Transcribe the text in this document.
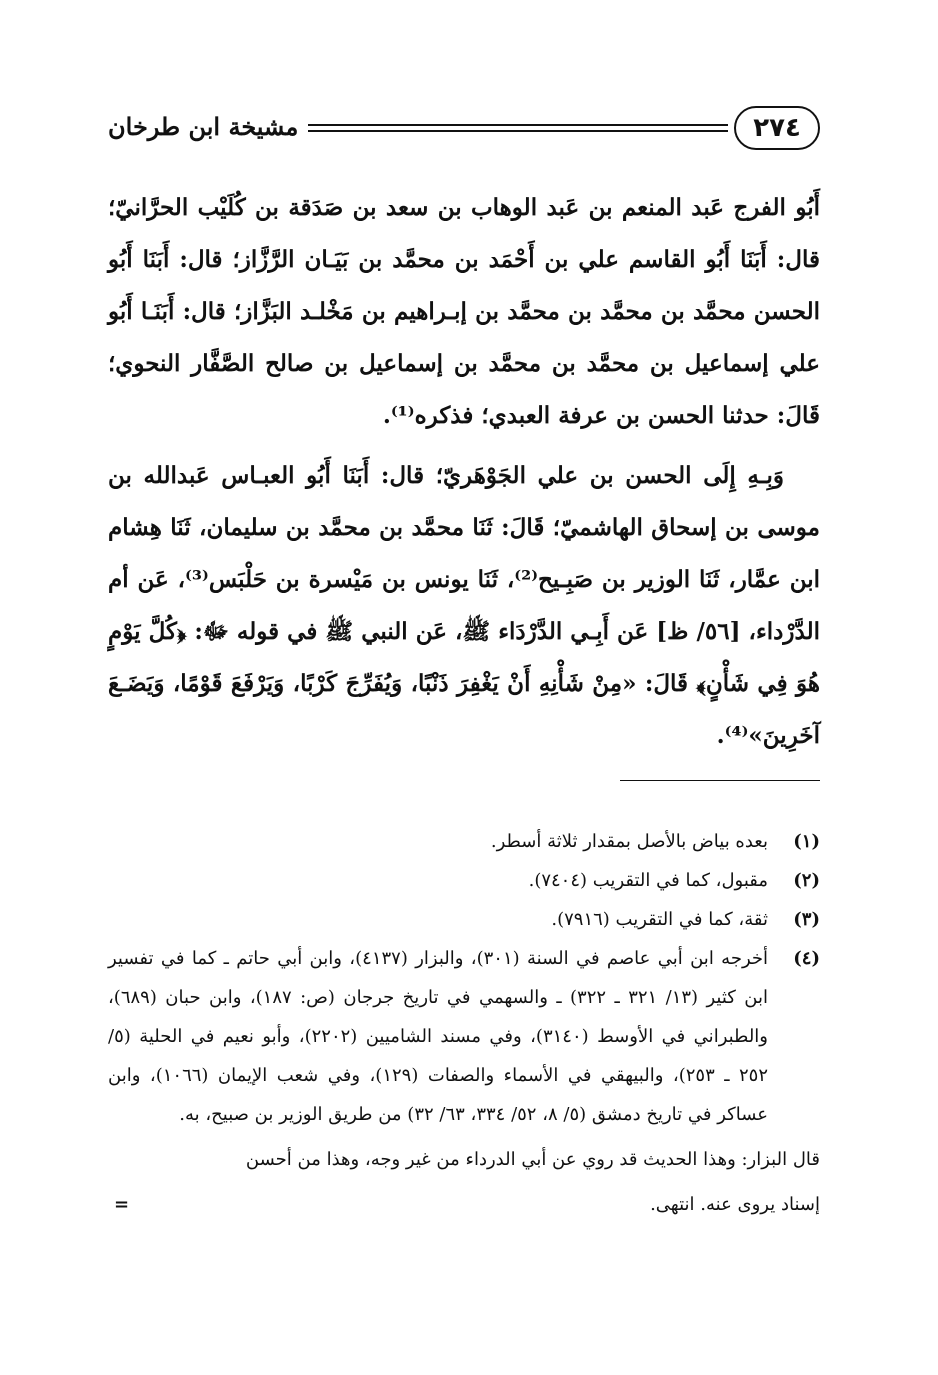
٢٧٤
مشيخة ابن طرخان

أَبُو الفرج عَبد المنعم بن عَبد الوهاب بن سعد بن صَدَقة بن كُلَيْب الحرَّانيّ؛ قال: أَبَنَا أَبُو القاسم علي بن أَحْمَد بن محمَّد بن بَيَـان الرَّزَّاز؛ قال: أَبَنَا أَبُو الحسن محمَّد بن محمَّد بن محمَّد بن إبـراهيم بن مَخْلـد البَزَّاز؛ قال: أَبَنَـا أَبُو علي إسماعيل بن محمَّد بن محمَّد بن إسماعيل بن صالح الصَّفَّار النحوي؛ قَالَ: حدثنا الحسن بن عرفة العبدي؛ فذكره⁽¹⁾.

وَبِـهِ إِلَى الحسن بن علي الجَوْهَريّ؛ قال: أَبَنَا أَبُو العبـاس عَبدالله بن موسى بن إسحاق الهاشميّ؛ قَالَ: ثَنَا محمَّد بن محمَّد بن سليمان، ثَنَا هِشام ابن عمَّار، ثَنَا الوزير بن صَبِـيح⁽²⁾، ثَنَا يونس بن مَيْسرة بن حَلْبَس⁽³⁾، عَن أم الدَّرْداء، [٥٦/ ظ] عَن أَبِـي الدَّرْدَاء ﷺ، عَن النبي ﷺ في قوله ﷻ: ﴿كُلَّ يَوْمٍ هُوَ فِي شَأْنٍ﴾ قَالَ: «مِنْ شَأْنِهِ أَنْ يَغْفِرَ ذَنْبًا، وَيُفَرِّجَ كَرْبًا، وَيَرْفَعَ قَوْمًا، وَيَضَـعَ آخَرِينَ»⁽⁴⁾.

(١)
بعده بياض بالأصل بمقدار ثلاثة أسطر.
(٢)
مقبول، كما في التقريب (٧٤٠٤).
(٣)
ثقة، كما في التقريب (٧٩١٦).
(٤)
أخرجه ابن أبي عاصم في السنة (٣٠١)، والبزار (٤١٣٧)، وابن أبي حاتم ـ كما في تفسير ابن كثير (١٣/ ٣٢١ ـ ٣٢٢) ـ والسهمي في تاريخ جرجان (ص: ١٨٧)، وابن حبان (٦٨٩)، والطبراني في الأوسط (٣١٤٠)، وفي مسند الشاميين (٢٢٠٢)، وأبو نعيم في الحلية (٥/ ٢٥٢ ـ ٢٥٣)، والبيهقي في الأسماء والصفات (١٢٩)، وفي شعب الإيمان (١٠٦٦)، وابن عساكر في تاريخ دمشق (٥/ ٨، ٥٢/ ٣٣٤، ٦٣/ ٣٢) من طريق الوزير بن صبيح، به.
قال البزار: وهذا الحديث قد روي عن أبي الدرداء من غير وجه، وهذا من أحسن
إسناد يروى عنه. انتهى.
=
